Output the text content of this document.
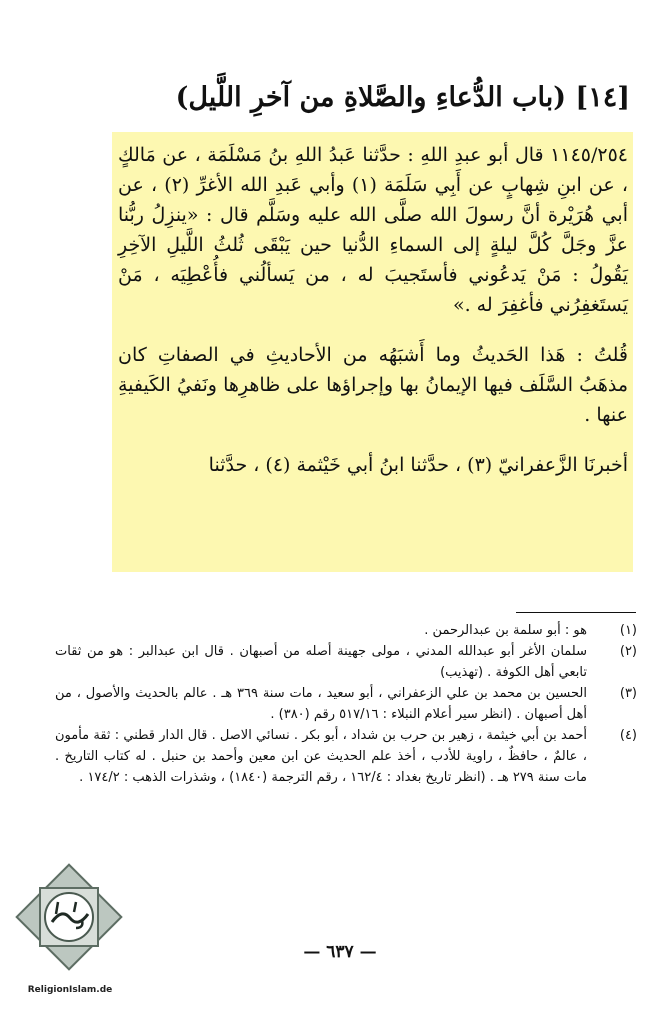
[١٤] (باب الدُّعاءِ والصَّلاةِ من آخرِ اللَّيل)

١١٤٥/٢٥٤ قال أبو عبدِ اللهِ : حدَّثنا عَبدُ اللهِ بنُ مَسْلَمَة ، عن مَالكٍ ، عن ابنِ شِهابٍ عن أَبِي سَلَمَة (١) وأبي عَبدِ الله الأغرِّ (٢) ، عن أبي هُرَيْرة أنَّ رسولَ الله صلَّى الله عليه وسَلَّم قال : «ينزِلُ ربُّنا عزَّ وجَلَّ كُلَّ ليلةٍ إلى السماءِ الدُّنيا حين يَبْقَى ثُلثُ اللَّيلِ الآخِرِ يَقُولُ : مَنْ يَدعُوني فأستَجيبَ له ، من يَسألُني فأُعْطِيَه ، مَنْ يَستَغفِرُني فأغفِرَ له .»

قُلتُ : هَذا الحَديثُ وما أَشبَهُه من الأحاديثِ في الصفاتِ كان مذهَبُ السَّلَف فيها الإيمانُ بها وإجراؤها على ظاهرِها ونَفيُ الكَيفيةِ عنها .

أخبرنَا الزَّعفرانيّ (٣) ، حدَّثنا ابنُ أبي خَيْثمة (٤) ، حدَّثنا

(١)
هو : أبو سلمة بن عبدالرحمن .
(٢)
سلمان الأغر أبو عبدالله المدني ، مولى جهينة أصله من أصبهان . قال ابن عبدالبر : هو من ثقات تابعي أهل الكوفة . (تهذيب)
(٣)
الحسين بن محمد بن علي الزعفراني ، أبو سعيد ، مات سنة ٣٦٩ هـ . عالم بالحديث والأصول ، من أهل أصبهان . (انظر سير أعلام النبلاء : ٥١٧/١٦ رقم (٣٨٠) .
(٤)
أحمد بن أبي خيثمة ، زهير بن حرب بن شداد ، أبو بكر . نسائي الاصل . قال الدار قطني : ثقة مأمون ، عالمٌ ، حافظٌ ، راوية للأدب ، أخذ علم الحديث عن ابن معين وأحمد بن حنبل . له كتاب التاريخ . مات سنة ٢٧٩ هـ . (انظر تاريخ بغداد : ١٦٢/٤ ، رقم الترجمة (١٨٤٠) ، وشذرات الذهب : ١٧٤/٢ .
— ٦٣٧ —
ReligionIslam.de
